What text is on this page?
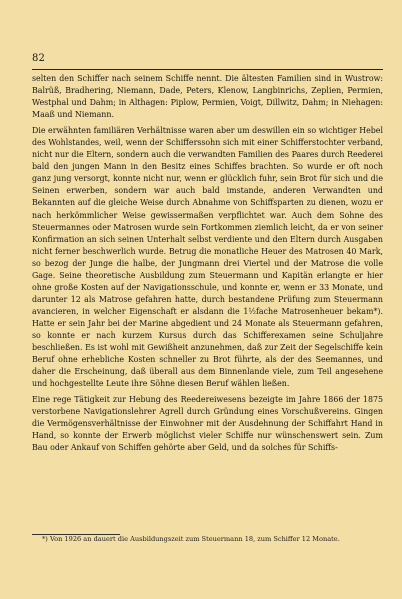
82

selten den Schiffer nach seinem Schiffe nennt. Die ältesten Familien sind in Wustrow: Balrüß, Bradhering, Niemann, Dade, Peters, Klenow, Langbinrichs, Zeplien, Permien, Westphal und Dahm; in Althagen: Piplow, Permien, Voigt, Dillwitz, Dahm; in Niehagen: Maaß und Niemann.

Die erwähnten familiären Verhältnisse waren aber um deswillen ein so wichtiger Hebel des Wohlstandes, weil, wenn der Schifferssohn sich mit einer Schifferstochter verband, nicht nur die Eltern, sondern auch die verwandten Familien des Paares durch Reederei bald den jungen Mann in den Besitz eines Schiffes brachten. So wurde er oft noch ganz jung versorgt, konnte nicht nur, wenn er glücklich fuhr, sein Brot für sich und die Seinen erwerben, sondern war auch bald imstande, anderen Verwandten und Bekannten auf die gleiche Weise durch Abnahme von Schiffsparten zu dienen, wozu er nach herkömmlicher Weise gewissermaßen verpflichtet war. Auch dem Sohne des Steuermannes oder Matrosen wurde sein Fortkommen ziemlich leicht, da er von seiner Konfirmation an sich seinen Unterhalt selbst verdiente und den Eltern durch Ausgaben nicht ferner beschwerlich wurde. Betrug die monatliche Heuer des Matrosen 40 Mark, so bezog der Junge die halbe, der Jungmann drei Viertel und der Matrose die volle Gage. Seine theoretische Ausbildung zum Steuermann und Kapitän erlangte er hier ohne große Kosten auf der Navigationsschule, und konnte er, wenn er 33 Monate, und darunter 12 als Matrose gefahren hatte, durch bestandene Prüfung zum Steuermann avancieren, in welcher Eigenschaft er alsdann die 1½fache Matrosenheuer bekam*). Hatte er sein Jahr bei der Marine abgedient und 24 Monate als Steuermann gefahren, so konnte er nach kurzem Kursus durch das Schifferexamen seine Schuljahre beschließen. Es ist wohl mit Gewißheit anzunehmen, daß zur Zeit der Segelschiffe kein Beruf ohne erhebliche Kosten schneller zu Brot führte, als der des Seemannes, und daher die Erscheinung, daß überall aus dem Binnenlande viele, zum Teil angesehene und hochgestellte Leute ihre Söhne diesen Beruf wählen ließen.

Eine rege Tätigkeit zur Hebung des Reedereiwesens bezeigte im Jahre 1866 der 1875 verstorbene Navigationslehrer Agrell durch Gründung eines Vorschußvereins. Gingen die Vermögensverhältnisse der Einwohner mit der Ausdehnung der Schiffahrt Hand in Hand, so konnte der Erwerb möglichst vieler Schiffe nur wünschenswert sein. Zum Bau oder Ankauf von Schiffen gehörte aber Geld, und da solches für Schiffs-

*) Von 1926 an dauert die Ausbildungszeit zum Steuermann 18, zum Schiffer 12 Monate.
